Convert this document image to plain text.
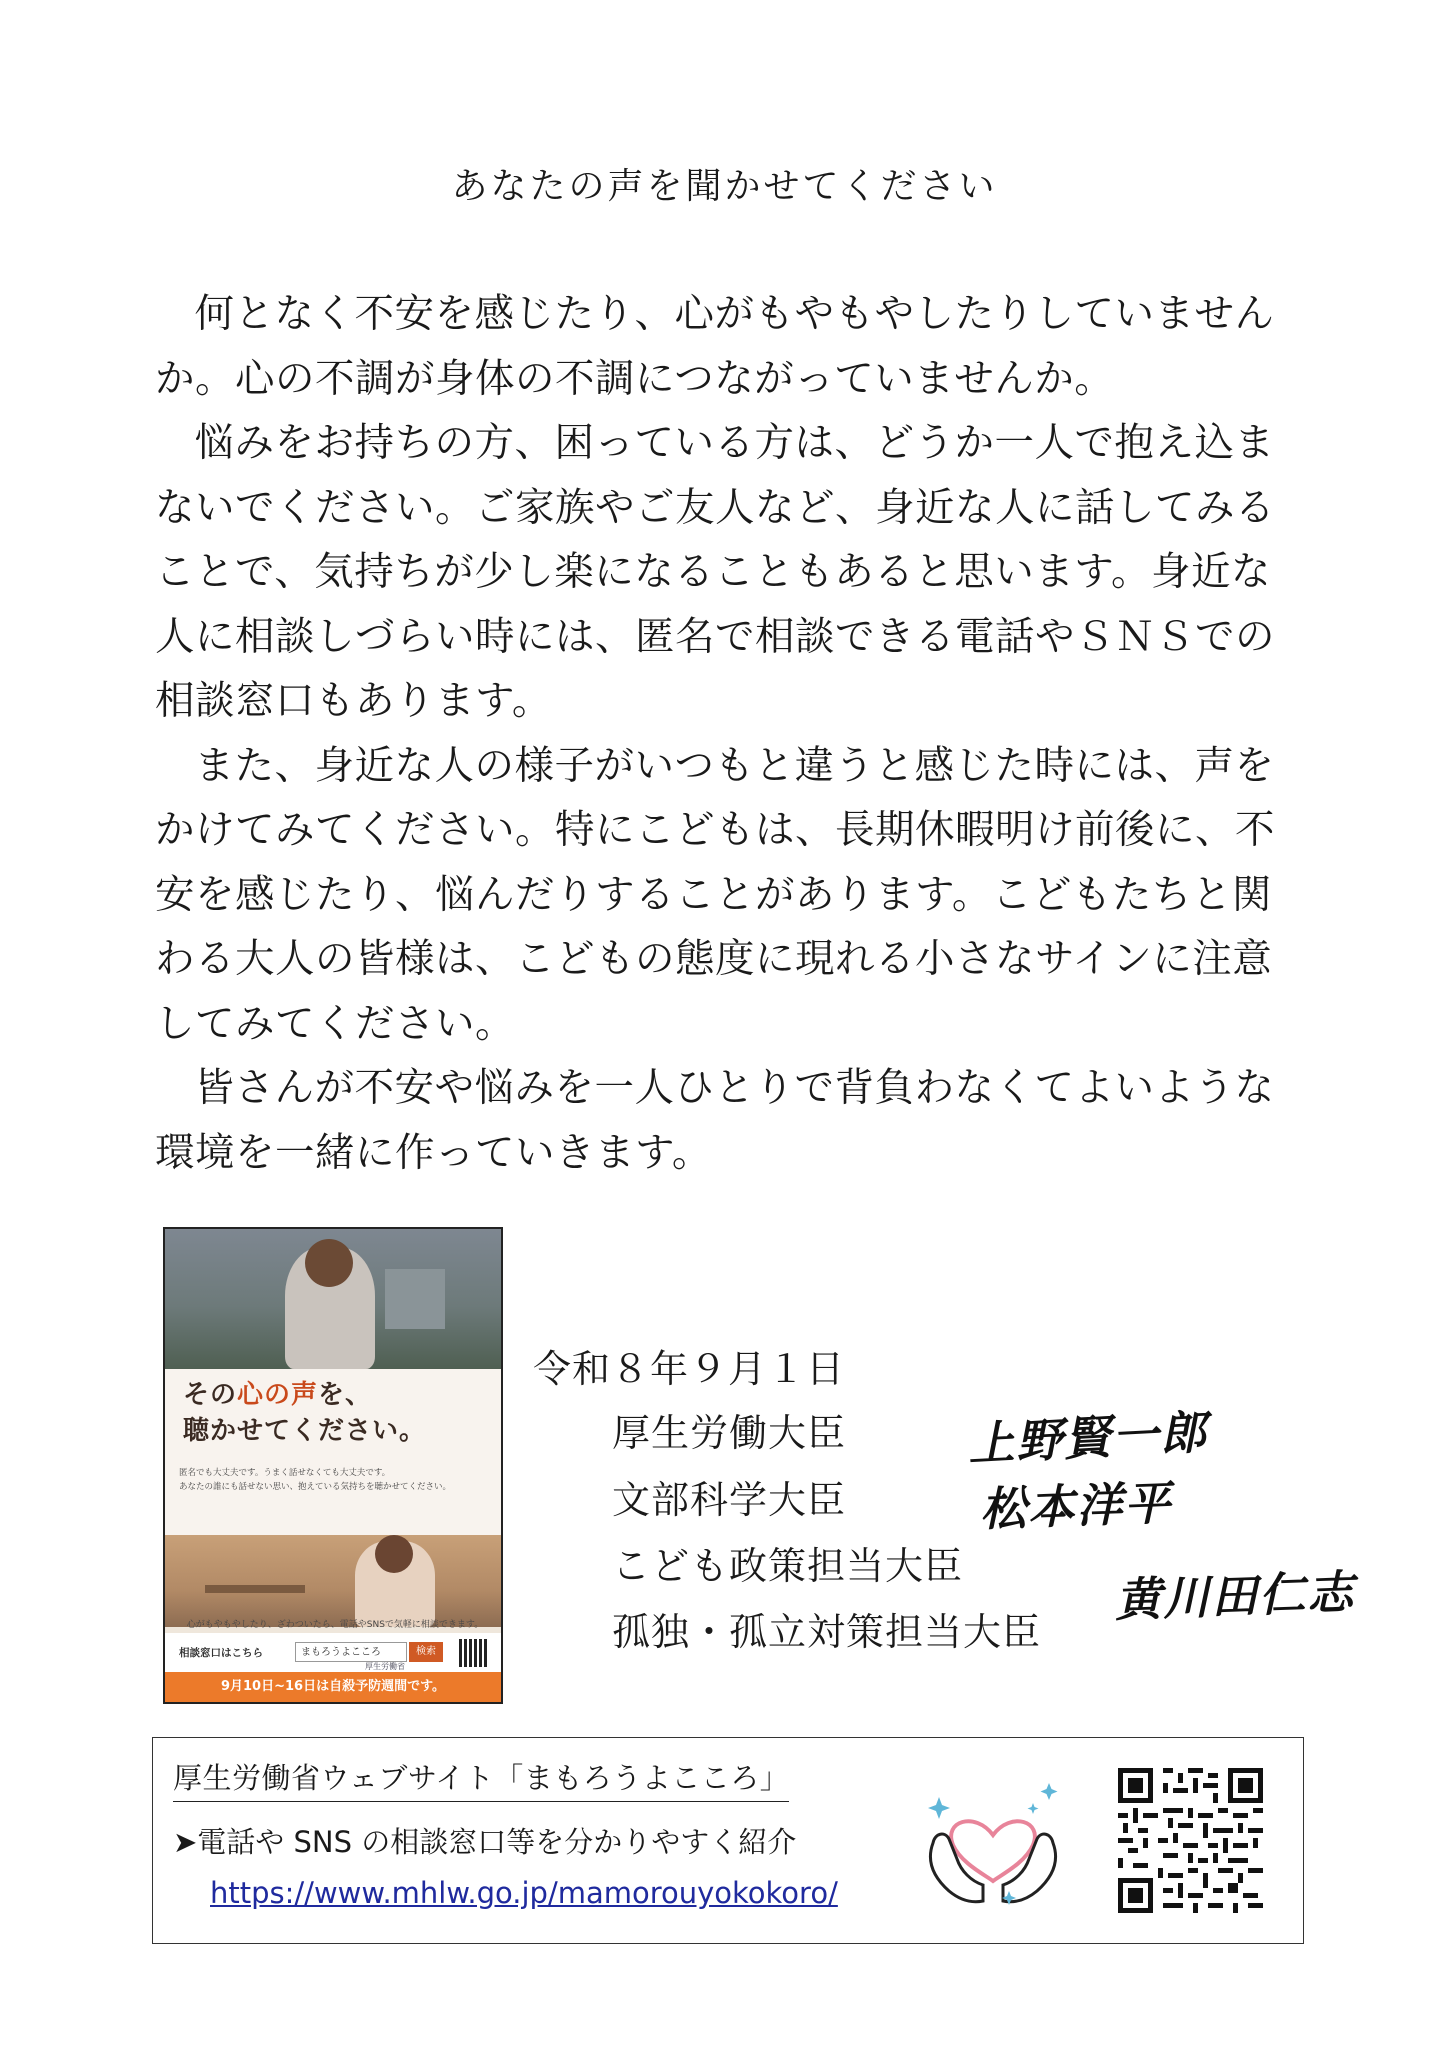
あなたの声を聞かせてください

何となく不安を感じたり、心がもやもやしたりしていませんか。心の不調が身体の不調につながっていませんか。

悩みをお持ちの方、困っている方は、どうか一人で抱え込まないでください。ご家族やご友人など、身近な人に話してみることで、気持ちが少し楽になることもあると思います。身近な人に相談しづらい時には、匿名で相談できる電話やＳＮＳでの相談窓口もあります。

また、身近な人の様子がいつもと違うと感じた時には、声をかけてみてください。特にこどもは、長期休暇明け前後に、不安を感じたり、悩んだりすることがあります。こどもたちと関わる大人の皆様は、こどもの態度に現れる小さなサインに注意してみてください。

皆さんが不安や悩みを一人ひとりで背負わなくてよいような環境を一緒に作っていきます。

その心の声を、
聴かせてください。
匿名でも大丈夫です。うまく話せなくても大丈夫です。
あなたの誰にも話せない思い、抱えている気持ちを聴かせてください。
心がもやもやしたり、ざわついたら、電話やSNSで気軽に相談できます。
相談窓口はこちら	まもろうよこころ	検索
厚生労働省
9月10日~16日は自殺予防週間です。
令和８年９月１日
厚生労働大臣
文部科学大臣
こども政策担当大臣
孤独・孤立対策担当大臣
上野賢一郎
松本洋平
黄川田仁志
厚生労働省ウェブサイト「まもろうよこころ」
➤電話や SNS の相談窓口等を分かりやすく紹介
https://www.mhlw.go.jp/mamorouyokokoro/
